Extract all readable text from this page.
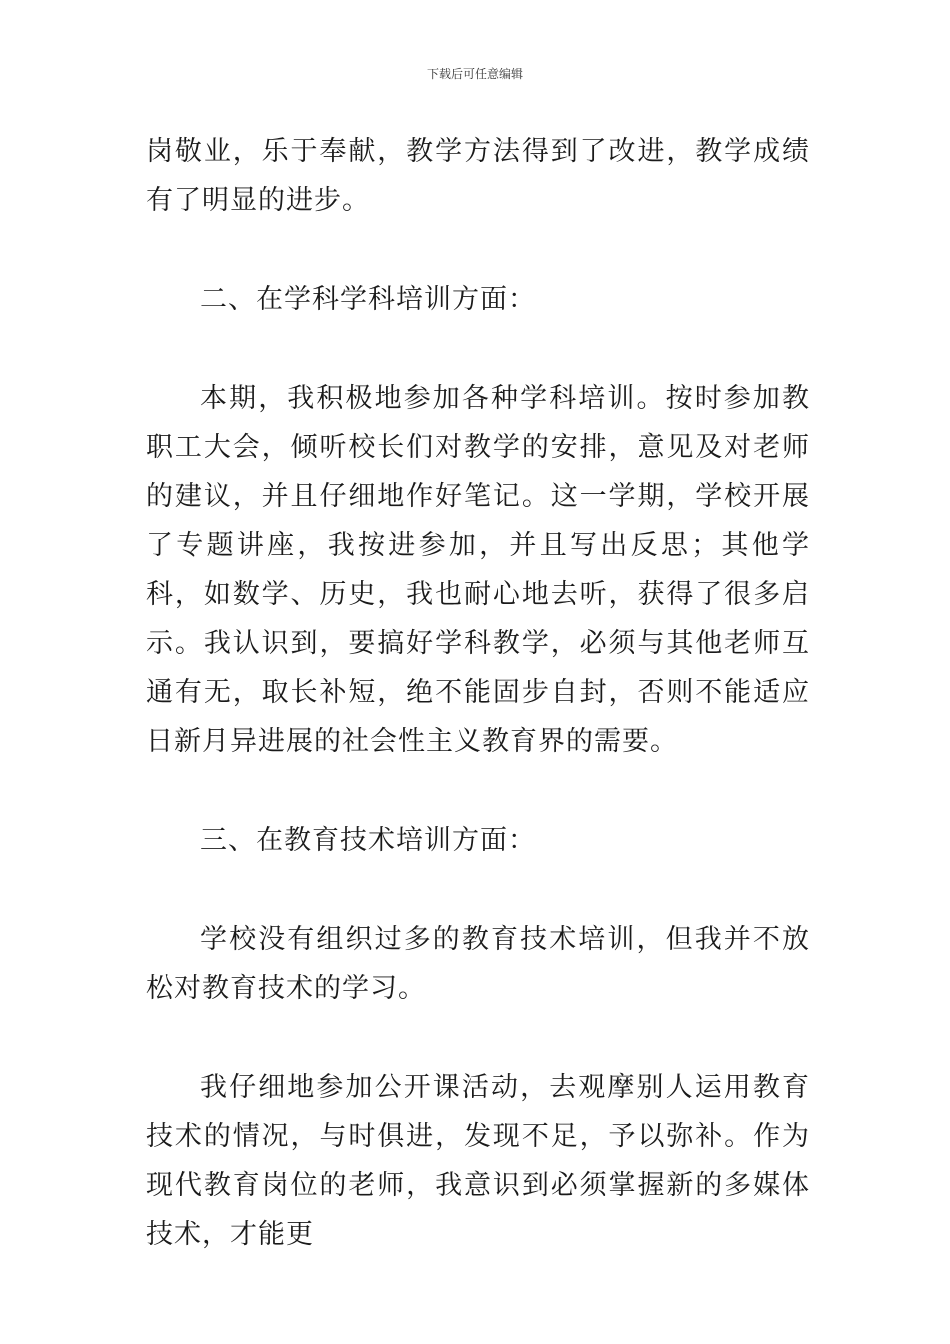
下载后可任意编辑

岗敬业，乐于奉献，教学方法得到了改进，教学成绩有了明显的进步。

二、在学科学科培训方面：

本期，我积极地参加各种学科培训。按时参加教职工大会，倾听校长们对教学的安排，意见及对老师的建议，并且仔细地作好笔记。这一学期，学校开展了专题讲座，我按进参加，并且写出反思；其他学科，如数学、历史，我也耐心地去听，获得了很多启示。我认识到，要搞好学科教学，必须与其他老师互通有无，取长补短，绝不能固步自封，否则不能适应日新月异进展的社会性主义教育界的需要。

三、在教育技术培训方面：

学校没有组织过多的教育技术培训，但我并不放松对教育技术的学习。

我仔细地参加公开课活动，去观摩别人运用教育技术的情况，与时俱进，发现不足，予以弥补。作为现代教育岗位的老师，我意识到必须掌握新的多媒体技术，才能更
